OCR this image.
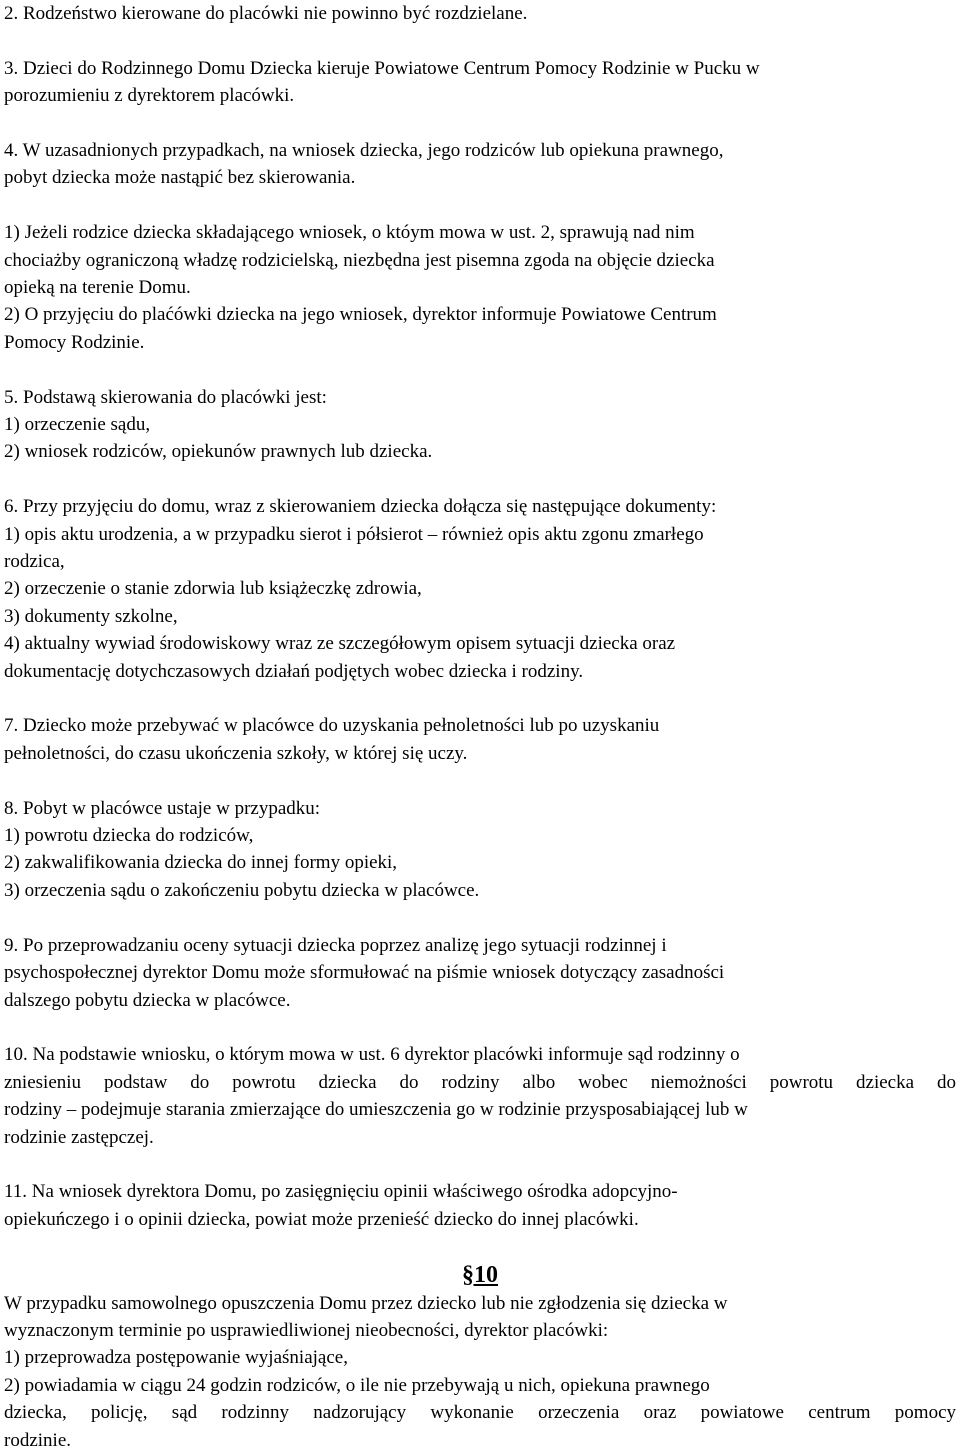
2. Rodzeństwo kierowane do placówki nie powinno być rozdzielane.

3. Dzieci do Rodzinnego Domu Dziecka kieruje Powiatowe Centrum Pomocy Rodzinie w Pucku w

porozumieniu z dyrektorem placówki.

4. W uzasadnionych przypadkach, na wniosek dziecka, jego rodziców lub opiekuna prawnego,

pobyt dziecka może nastąpić bez skierowania.

1) Jeżeli rodzice dziecka składającego wniosek, o któym mowa w ust. 2, sprawują nad nim

chociażby ograniczoną władzę rodzicielską, niezbędna jest pisemna zgoda na objęcie dziecka

opieką na terenie Domu.

2) O przyjęciu do plaćówki dziecka na jego wniosek, dyrektor informuje Powiatowe Centrum

Pomocy Rodzinie.

5. Podstawą skierowania do placówki jest:

1) orzeczenie sądu,

2) wniosek rodziców, opiekunów prawnych lub dziecka.

6. Przy przyjęciu do domu, wraz z skierowaniem dziecka dołącza się następujące dokumenty:

1) opis aktu urodzenia, a w przypadku sierot i półsierot – również opis aktu zgonu zmarłego

rodzica,

2) orzeczenie o stanie zdorwia lub książeczkę zdrowia,

3) dokumenty szkolne,

4) aktualny wywiad środowiskowy wraz ze szczegółowym opisem sytuacji dziecka oraz

dokumentację dotychczasowych działań podjętych wobec dziecka i rodziny.

7. Dziecko może przebywać w placówce do uzyskania pełnoletności lub po uzyskaniu

pełnoletności, do czasu ukończenia szkoły, w której się uczy.

8. Pobyt w placówce ustaje w przypadku:

1) powrotu dziecka do rodziców,

2) zakwalifikowania dziecka do innej formy opieki,

3) orzeczenia sądu o zakończeniu pobytu dziecka w placówce.

9. Po przeprowadzaniu oceny sytuacji dziecka poprzez analizę jego sytuacji rodzinnej i

psychospołecznej dyrektor Domu może sformułować na piśmie wniosek dotyczący zasadności

dalszego pobytu dziecka w placówce.

10. Na podstawie wniosku, o którym mowa w ust. 6 dyrektor placówki informuje sąd rodzinny o

zniesieniu podstaw do powrotu dziecka do rodziny albo wobec niemożności powrotu dziecka do

rodziny – podejmuje starania zmierzające do umieszczenia go w rodzinie przysposabiającej lub w

rodzinie zastępczej.

11. Na wniosek dyrektora Domu, po zasięgnięciu opinii właściwego ośrodka adopcyjno-

opiekuńczego i o opinii dziecka, powiat może przenieść dziecko do innej placówki.

§10

W przypadku samowolnego opuszczenia Domu przez dziecko lub nie zgłodzenia się dziecka w

wyznaczonym terminie po usprawiedliwionej nieobecności, dyrektor placówki:

1) przeprowadza postępowanie wyjaśniające,

2) powiadamia w ciągu 24 godzin rodziców, o ile nie przebywają u nich, opiekuna prawnego

dziecka, policję, sąd rodzinny nadzorujący wykonanie orzeczenia oraz powiatowe centrum pomocy

rodzinie.
